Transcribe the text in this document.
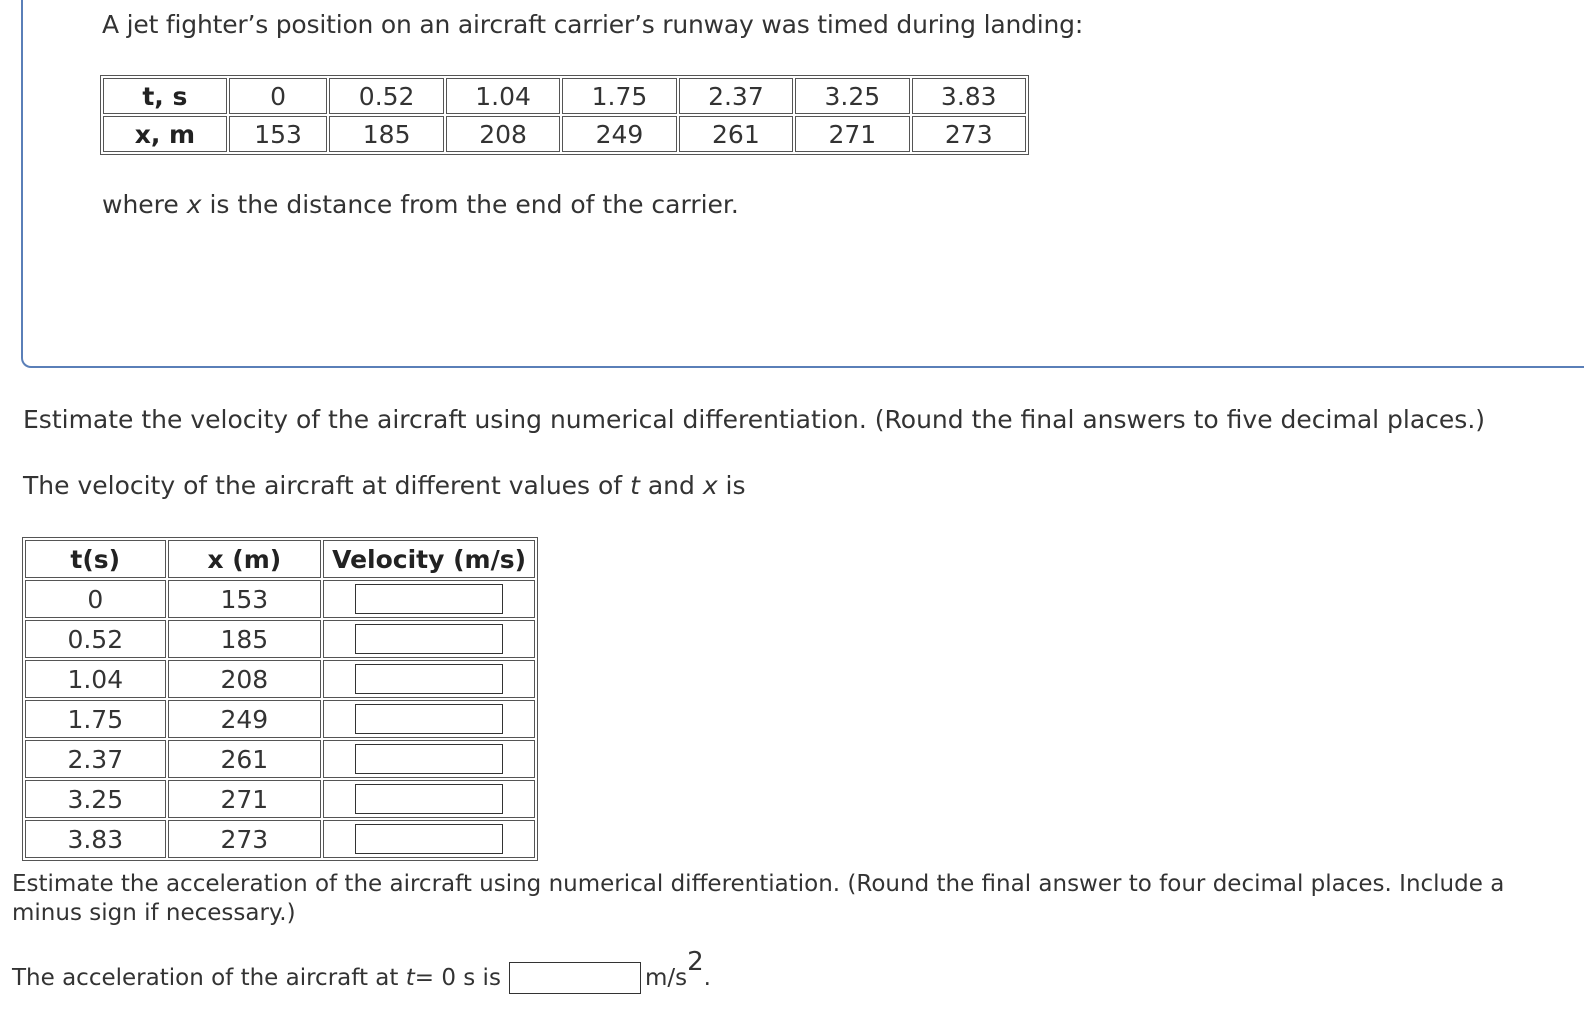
A jet fighter’s position on an aircraft carrier’s runway was timed during landing:
t, s	0	0.52	1.04	1.75	2.37	3.25	3.83
x, m	153	185	208	249	261	271	273
where x is the distance from the end of the carrier.
Estimate the velocity of the aircraft using numerical differentiation. (Round the final answers to five decimal places.)
The velocity of the aircraft at different values of t and x is
t(s)	x (m)	Velocity (m/s)
0	153	

0.52	185	

1.04	208	

1.75	249	

2.37	261	

3.25	271	

3.83	273	
Estimate the acceleration of the aircraft using numerical differentiation. (Round the final answer to four decimal places. Include a minus sign if necessary.)
The acceleration of the aircraft at
t = 0 s is	$m/s^2$.
